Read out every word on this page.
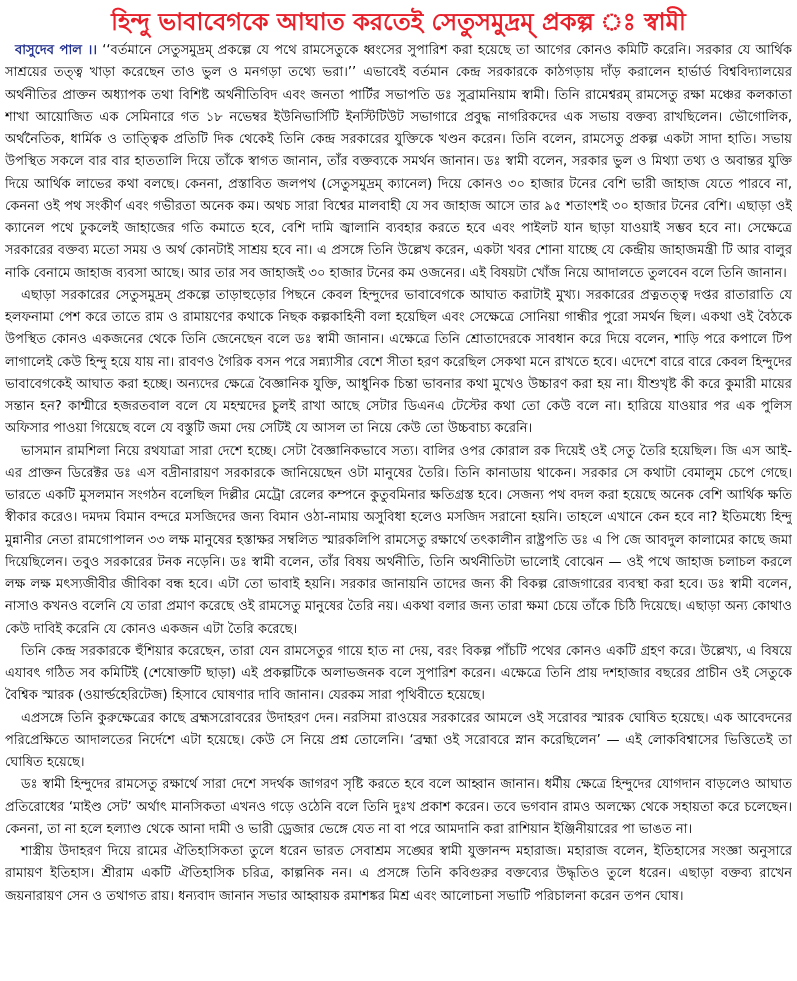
হিন্দু ভাবাবেগকে আঘাত করতেই সেতুসমুদ্রম্ প্রকল্প ঃ স্বামী

বাসুদেব পাল ।। ‘‘বর্তমানে সেতুসমুদ্রম্ প্রকল্পে যে পথে রামসেতুকে ধ্বংসের সুপারিশ করা হয়েছে তা আগের কোনও কমিটি করেনি। সরকার যে আর্থিক সাশ্রয়ের তত্ত্ব খাড়া করেছেন তাও ভুল ও মনগড়া তথ্যে ভরা।’’ এভাবেই বর্তমান কেন্দ্র সরকারকে কাঠগড়ায় দাঁড় করালেন হার্ভার্ড বিশ্ববিদ্যালয়ের অর্থনীতির প্রাক্তন অধ্যাপক তথা বিশিষ্ট অর্থনীতিবিদ এবং জনতা পার্টির সভাপতি ডঃ সুব্রামনিয়াম স্বামী। তিনি রামেশ্বরম্ রামসেতু রক্ষা মঞ্চের কলকাতা শাখা আয়োজিত এক সেমিনারে গত ১৮ নভেম্বর ইউনিভার্সিটি ইনস্টিটিউট সভাগারে প্রবুদ্ধ নাগরিকদের এক সভায় বক্তব্য রাখছিলেন। ভৌগোলিক, অর্থনৈতিক, ধার্মিক ও তাত্ত্বিক প্রতিটি দিক থেকেই তিনি কেন্দ্র সরকারের যুক্তিকে খণ্ডন করেন। তিনি বলেন, রামসেতু প্রকল্প একটা সাদা হাতি। সভায় উপস্থিত সকলে বার বার হাততালি দিয়ে তাঁকে স্বাগত জানান, তাঁর বক্তব্যকে সমর্থন জানান। ডঃ স্বামী বলেন, সরকার ভুল ও মিথ্যা তথ্য ও অবান্তর যুক্তি দিয়ে আর্থিক লাভের কথা বলছে। কেননা, প্রস্তাবিত জলপথ (সেতুসমুদ্রম্ ক্যানেল) দিয়ে কোনও ৩০ হাজার টনের বেশি ভারী জাহাজ যেতে পারবে না, কেননা ওই পথ সংকীর্ণ এবং গভীরতা অনেক কম। অথচ সারা বিশ্বের মালবাহী যে সব জাহাজ আসে তার ৯৫ শতাংশই ৩০ হাজার টনের বেশি। এছাড়া ওই ক্যানেল পথে ঢুকলেই জাহাজের গতি কমাতে হবে, বেশি দামি জ্বালানি ব্যবহার করতে হবে এবং পাইলট যান ছাড়া যাওয়াই সম্ভব হবে না। সেক্ষেত্রে সরকারের বক্তব্য মতো সময় ও অর্থ কোনটাই সাশ্রয় হবে না। এ প্রসঙ্গে তিনি উল্লেখ করেন, একটা খবর শোনা যাচ্ছে যে কেন্দ্রীয় জাহাজমন্ত্রী টি আর বালুর নাকি বেনামে জাহাজ ব্যবসা আছে। আর তার সব জাহাজই ৩০ হাজার টনের কম ওজনের। এই বিষয়টা খোঁজ নিয়ে আদালতে তুলবেন বলে তিনি জানান।

এছাড়া সরকারের সেতুসমুদ্রম্ প্রকল্পে তাড়াহুড়োর পিছনে কেবল হিন্দুদের ভাবাবেগকে আঘাত করাটাই মুখ্য। সরকারের প্রত্নতত্ত্ব দপ্তর রাতারাতি যে হলফনামা পেশ করে তাতে রাম ও রামায়ণের কথাকে নিছক কল্পকাহিনী বলা হয়েছিল এবং সেক্ষেত্রে সোনিয়া গান্ধীর পুরো সমর্থন ছিল। একথা ওই বৈঠকে উপস্থিত কোনও একজনের থেকে তিনি জেনেছেন বলে ডঃ স্বামী জানান। এক্ষেত্রে তিনি শ্রোতাদেরকে সাবধান করে দিয়ে বলেন, শাড়ি পরে কপালে টিপ লাগালেই কেউ হিন্দু হয়ে যায় না। রাবণও গৈরিক বসন পরে সন্ন্যাসীর বেশে সীতা হরণ করেছিল সেকথা মনে রাখতে হবে। এদেশে বারে বারে কেবল হিন্দুদের ভাবাবেগকেই আঘাত করা হচ্ছে। অন্যদের ক্ষেত্রে বৈজ্ঞানিক যুক্তি, আধুনিক চিন্তা ভাবনার কথা মুখেও উচ্চারণ করা হয় না। যীশুখৃষ্ট কী করে কুমারী মায়ের সন্তান হন? কাশ্মীরে হজরতবাল বলে যে মহম্মদের চুলই রাখা আছে সেটার ডিএনএ টেস্টের কথা তো কেউ বলে না। হারিয়ে যাওয়ার পর এক পুলিস অফিসার পাওয়া গিয়েছে বলে যে বস্তুটি জমা দেয় সেটিই যে আসল তা নিয়ে কেউ তো উচ্চবাচ্য করেনি।

ভাসমান রামশিলা নিয়ে রথযাত্রা সারা দেশে হচ্ছে। সেটা বৈজ্ঞানিকভাবে সত্য। বালির ওপর কোরাল রক দিয়েই ওই সেতু তৈরি হয়েছিল। জি এস আই-এর প্রাক্তন ডিরেক্টর ডঃ এস বদ্রীনারায়ণ সরকারকে জানিয়েছেন ওটা মানুষের তৈরি। তিনি কানাডায় থাকেন। সরকার সে কথাটা বেমালুম চেপে গেছে। ভারতে একটি মুসলমান সংগঠন বলেছিল দিল্লীর মেট্রো রেলের কম্পনে কুতুবমিনার ক্ষতিগ্রস্ত হবে। সেজন্য পথ বদল করা হয়েছে অনেক বেশি আর্থিক ক্ষতি স্বীকার করেও। দমদম বিমান বন্দরে মসজিদের জন্য বিমান ওঠা-নামায় অসুবিধা হলেও মসজিদ সরানো হয়নি। তাহলে এখানে কেন হবে না? ইতিমধ্যে হিন্দু মুন্নানীর নেতা রামগোপালন ৩৩ লক্ষ মানুষের হস্তাক্ষর সম্বলিত স্মারকলিপি রামসেতু রক্ষার্থে তৎকালীন রাষ্ট্রপতি ডঃ এ পি জে আবদুল কালামের কাছে জমা দিয়েছিলেন। তবুও সরকারের টনক নড়েনি। ডঃ স্বামী বলেন, তাঁর বিষয় অর্থনীতি, তিনি অর্থনীতিটা ভালোই বোঝেন — ওই পথে জাহাজ চলাচল করলে লক্ষ লক্ষ মৎস্যজীবীর জীবিকা বন্ধ হবে। এটা তো ভাবাই হয়নি। সরকার জানায়নি তাদের জন্য কী বিকল্প রোজগারের ব্যবস্থা করা হবে। ডঃ স্বামী বলেন, নাসাও কখনও বলেনি যে তারা প্রমাণ করেছে ওই রামসেতু মানুষের তৈরি নয়। একথা বলার জন্য তারা ক্ষমা চেয়ে তাঁকে চিঠি দিয়েছে। এছাড়া অন্য কোথাও কেউ দাবিই করেনি যে কোনও একজন এটা তৈরি করেছে।

তিনি কেন্দ্র সরকারকে হুঁশিয়ার করেছেন, তারা যেন রামসেতুর গায়ে হাত না দেয়, বরং বিকল্প পাঁচটি পথের কোনও একটি গ্রহণ করে। উল্লেখ্য, এ বিষয়ে এযাবৎ গঠিত সব কমিটিই (শেষোক্তটি ছাড়া) এই প্রকল্পটিকে অলাভজনক বলে সুপারিশ করেন। এক্ষেত্রে তিনি প্রায় দশহাজার বছরের প্রাচীন ওই সেতুকে বৈশ্বিক স্মারক (ওয়ার্ল্ডহেরিটেজ) হিসাবে ঘোষণার দাবি জানান। যেরকম সারা পৃথিবীতে হয়েছে।

এপ্রসঙ্গে তিনি কুরুক্ষেত্রের কাছে ব্রহ্মসরোবরের উদাহরণ দেন। নরসিমা রাওয়ের সরকারের আমলে ওই সরোবর স্মারক ঘোষিত হয়েছে। এক আবেদনের পরিপ্রেক্ষিতে আদালতের নির্দেশে এটা হয়েছে। কেউ সে নিয়ে প্রশ্ন তোলেনি। ‘ব্রহ্মা ওই সরোবরে স্নান করেছিলেন’ — এই লোকবিশ্বাসের ভিত্তিতেই তা ঘোষিত হয়েছে।

ডঃ স্বামী হিন্দুদের রামসেতু রক্ষার্থে সারা দেশে সদর্থক জাগরণ সৃষ্টি করতে হবে বলে আহ্বান জানান। ধর্মীয় ক্ষেত্রে হিন্দুদের যোগদান বাড়লেও আঘাত প্রতিরোধের ‘মাইণ্ড সেট’ অর্থাৎ মানসিকতা এখনও গড়ে ওঠেনি বলে তিনি দুঃখ প্রকাশ করেন। তবে ভগবান রামও অলক্ষ্যে থেকে সহায়তা করে চলেছেন। কেননা, তা না হলে হল্যাণ্ড থেকে আনা দামী ও ভারী ড্রেজার ভেঙ্গে যেত না বা পরে আমদানি করা রাশিয়ান ইঞ্জিনীয়ারের পা ভাঙত না।

শাস্ত্রীয় উদাহরণ দিয়ে রামের ঐতিহাসিকতা তুলে ধরেন ভারত সেবাশ্রম সঙ্ঘের স্বামী যুক্তানন্দ মহারাজ। মহারাজ বলেন, ইতিহাসের সংজ্ঞা অনুসারে রামায়ণ ইতিহাস। শ্রীরাম একটি ঐতিহাসিক চরিত্র, কাল্পনিক নন। এ প্রসঙ্গে তিনি কবিগুরুর বক্তব্যের উদ্ধৃতিও তুলে ধরেন। এছাড়া বক্তব্য রাখেন জয়নারায়ণ সেন ও তথাগত রায়। ধন্যবাদ জানান সভার আহ্বায়ক রমাশঙ্কর মিশ্র এবং আলোচনা সভাটি পরিচালনা করেন তপন ঘোষ।
